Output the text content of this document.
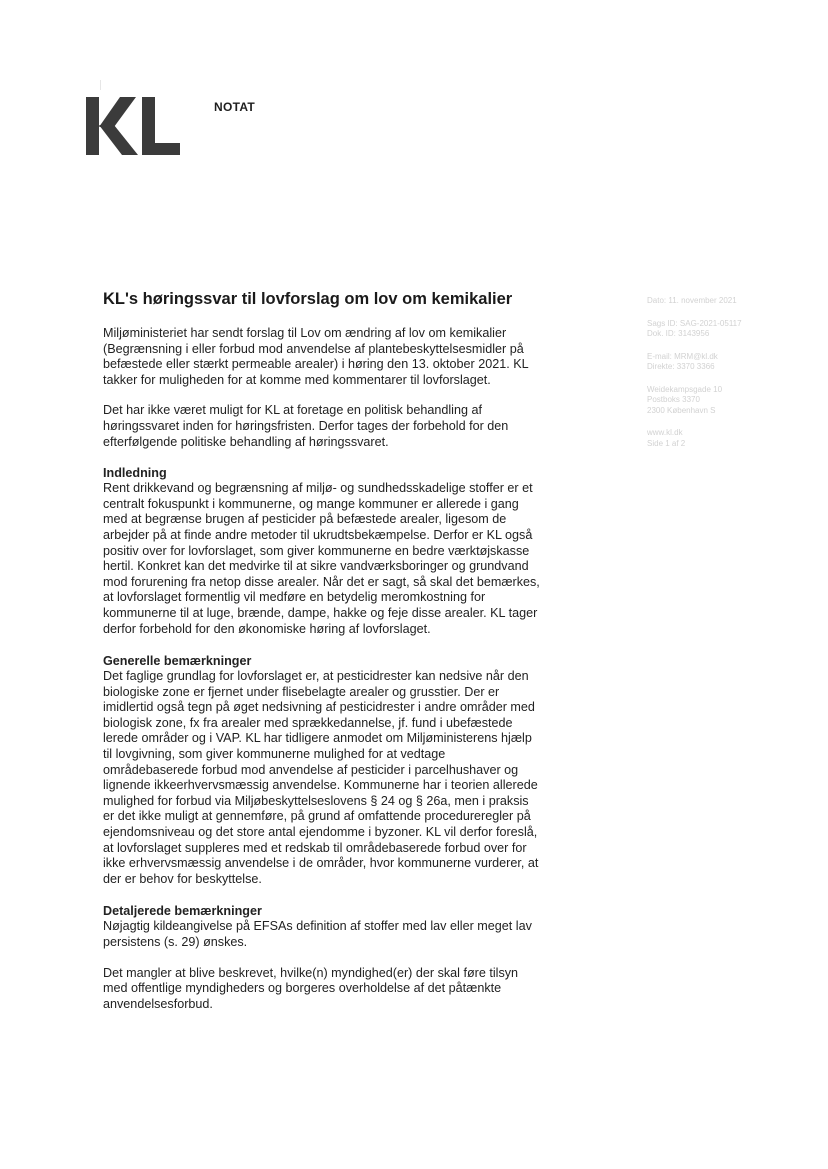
NOTAT
KL's høringssvar til lovforslag om lov om kemikalier

Miljøministeriet har sendt forslag til Lov om ændring af lov om kemikalier (Begrænsning i eller forbud mod anvendelse af plantebeskyttelsesmidler på befæstede eller stærkt permeable arealer) i høring den 13. oktober 2021. KL takker for muligheden for at komme med kommentarer til lovforslaget.

Det har ikke været muligt for KL at foretage en politisk behandling af høringssvaret inden for høringsfristen. Derfor tages der forbehold for den efterfølgende politiske behandling af høringssvaret.

Indledning

Rent drikkevand og begrænsning af miljø- og sundhedsskadelige stoffer er et centralt fokuspunkt i kommunerne, og mange kommuner er allerede i gang med at begrænse brugen af pesticider på befæstede arealer, ligesom de arbejder på at finde andre metoder til ukrudtsbekæmpelse. Derfor er KL også positiv over for lovforslaget, som giver kommunerne en bedre værktøjskasse hertil. Konkret kan det medvirke til at sikre vandværksboringer og grundvand mod forurening fra netop disse arealer. Når det er sagt, så skal det bemærkes, at lovforslaget formentlig vil medføre en betydelig meromkostning for kommunerne til at luge, brænde, dampe, hakke og feje disse arealer. KL tager derfor forbehold for den økonomiske høring af lovforslaget.

Generelle bemærkninger

Det faglige grundlag for lovforslaget er, at pesticidrester kan nedsive når den biologiske zone er fjernet under flisebelagte arealer og grusstier. Der er imidlertid også tegn på øget nedsivning af pesticidrester i andre områder med biologisk zone, fx fra arealer med sprækkedannelse, jf. fund i ubefæstede lerede områder og i VAP. KL har tidligere anmodet om Miljøministerens hjælp til lovgivning, som giver kommunerne mulighed for at vedtage områdebaserede forbud mod anvendelse af pesticider i parcelhushaver og lignende ikkeerhvervsmæssig anvendelse. Kommunerne har i teorien allerede mulighed for forbud via Miljøbeskyttelseslovens § 24 og § 26a, men i praksis er det ikke muligt at gennemføre, på grund af omfattende procedureregler på ejendomsniveau og det store antal ejendomme i byzoner. KL vil derfor foreslå, at lovforslaget suppleres med et redskab til områdebaserede forbud over for ikke erhvervsmæssig anvendelse i de områder, hvor kommunerne vurderer, at der er behov for beskyttelse.

Detaljerede bemærkninger

Nøjagtig kildeangivelse på EFSAs definition af stoffer med lav eller meget lav persistens (s. 29) ønskes.

Det mangler at blive beskrevet, hvilke(n) myndighed(er) der skal føre tilsyn med offentlige myndigheders og borgeres overholdelse af det påtænkte anvendelsesforbud.

Dato: 11. november 2021
Sags ID: SAG-2021-05117
Dok. ID: 3143956
E-mail: MRM@kl.dk
Direkte: 3370 3366
Weidekampsgade 10
Postboks 3370
2300 København S
www.kl.dk
Side 1 af 2
